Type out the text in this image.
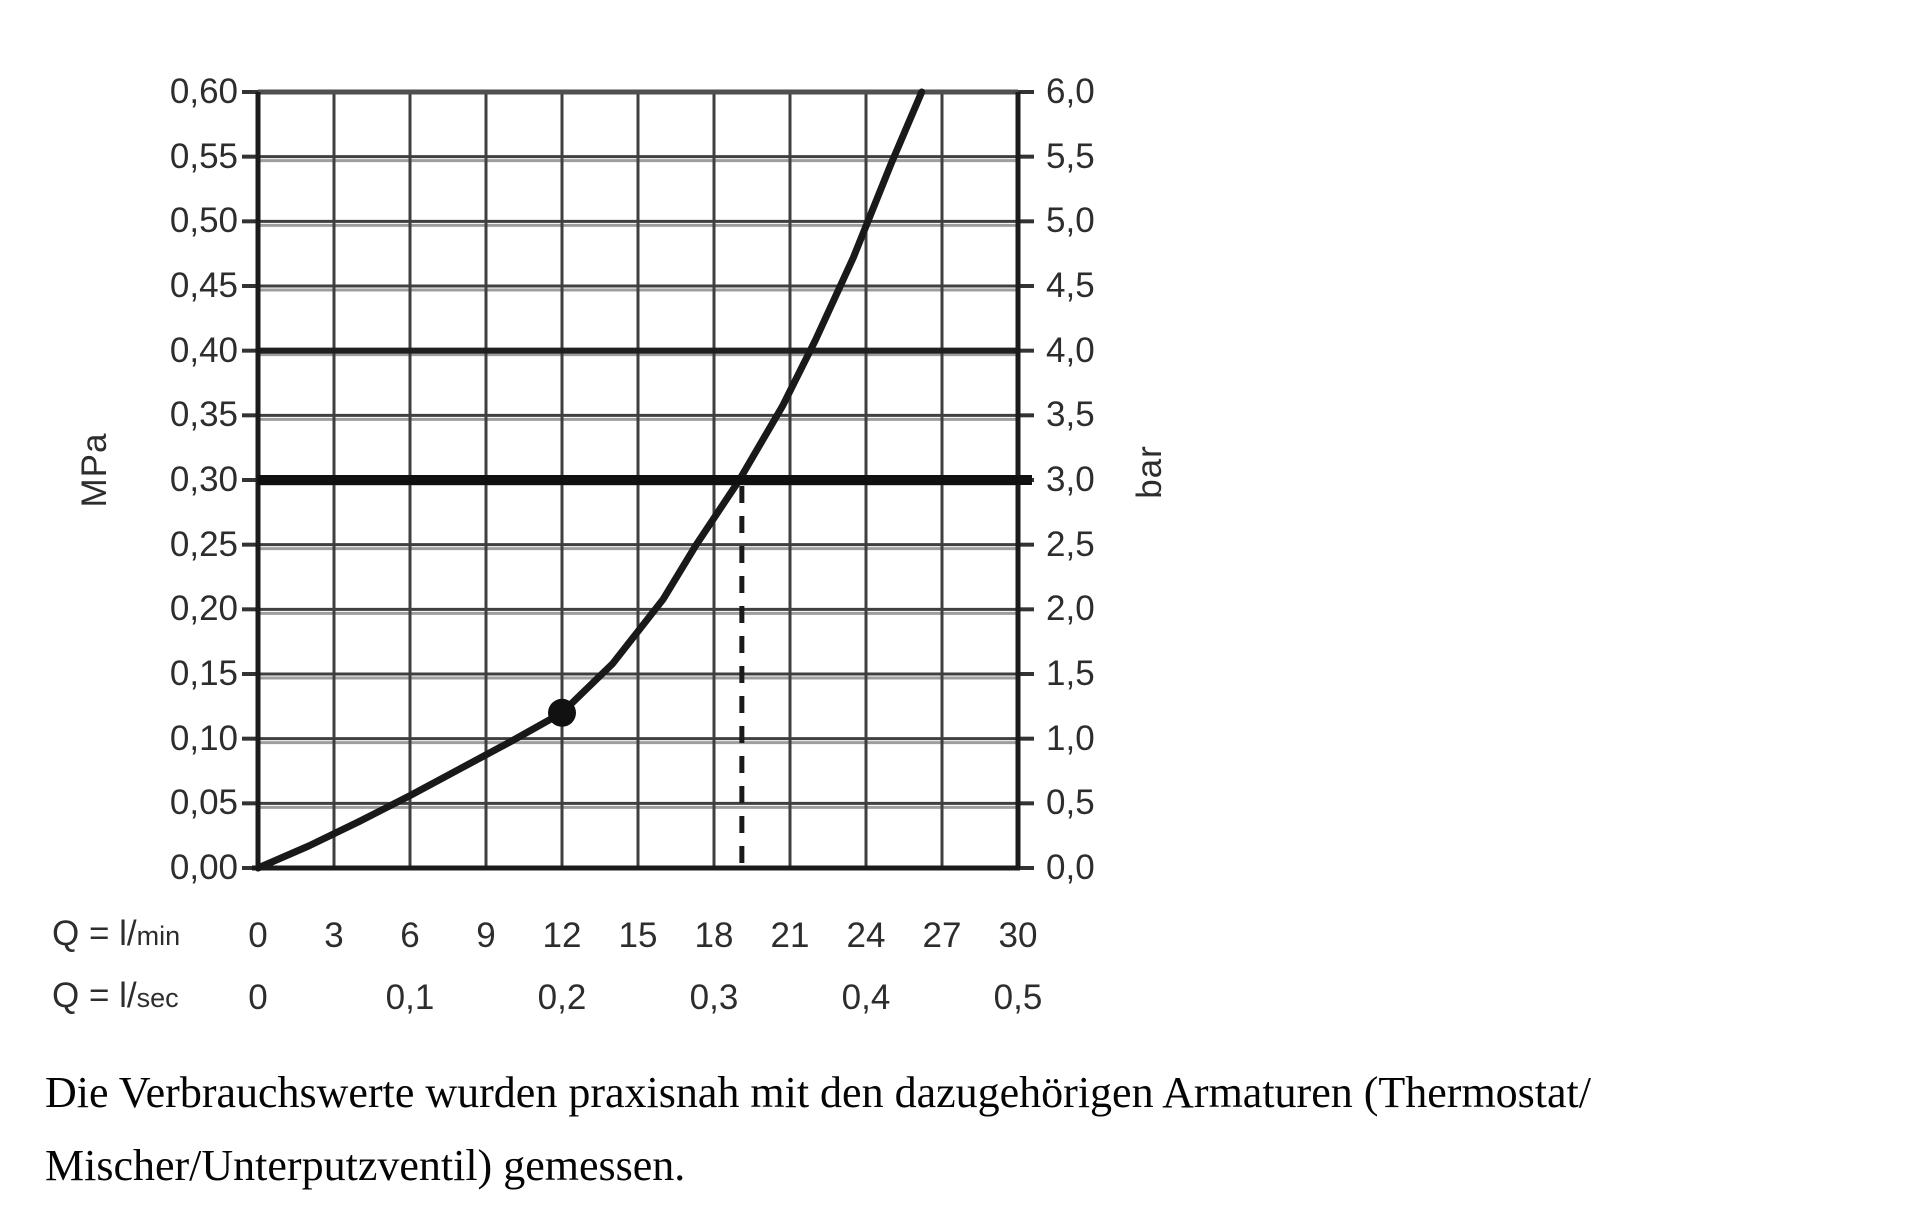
0,60
0,55
0,50
0,45
0,40
0,35
0,30
0,25
0,20
0,15
0,10
0,05
0,00
6,0
5,5
5,0
4,5
4,0
3,5
3,0
2,5
2,0
1,5
1,0
0,5
0,0
0	3	6	9	12	15	18	21	24	27	30
0	0,1	0,2	0,3	0,4	0,5
MPa	bar
Q = l/min
Q = l/sec
Die Verbrauchswerte wurden praxisnah mit den dazugehörigen Armaturen (Thermostat/
Mischer/Unterputzventil) gemessen.
